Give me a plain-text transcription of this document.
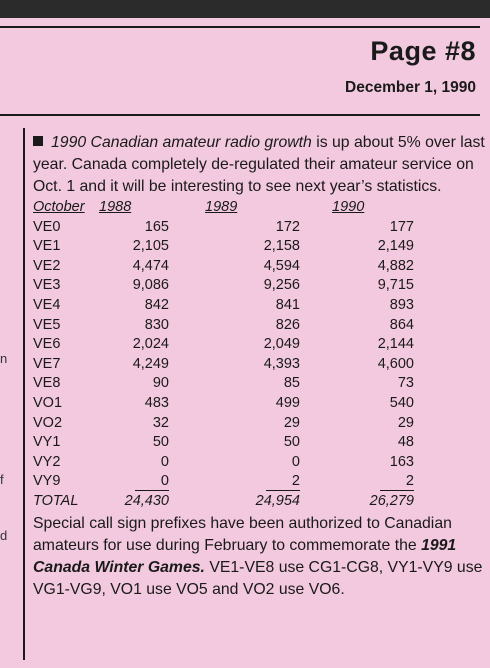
Page #8
December 1, 1990
n
f
d

1990 Canadian amateur radio growth is up about 5% over last year. Canada completely de-regulated their amateur service on Oct. 1 and it will be interesting to see next year’s statistics.

October	1988	1989	1990
VE0	165	172	177
VE1	2,105	2,158	2,149
VE2	4,474	4,594	4,882
VE3	9,086	9,256	9,715
VE4	842	841	893
VE5	830	826	864
VE6	2,024	2,049	2,144
VE7	4,249	4,393	4,600
VE8	90	85	73
VO1	483	499	540
VO2	32	29	29
VY1	50	50	48
VY2	0	0	163
VY9	0	2	2
TOTAL	24,430	24,954	26,279

Special call sign prefixes have been authorized to Canadian amateurs for use during February to commemorate the 1991 Canada Winter Games. VE1-VE8 use CG1-CG8, VY1-VY9 use VG1-VG9, VO1 use VO5 and VO2 use VO6.
